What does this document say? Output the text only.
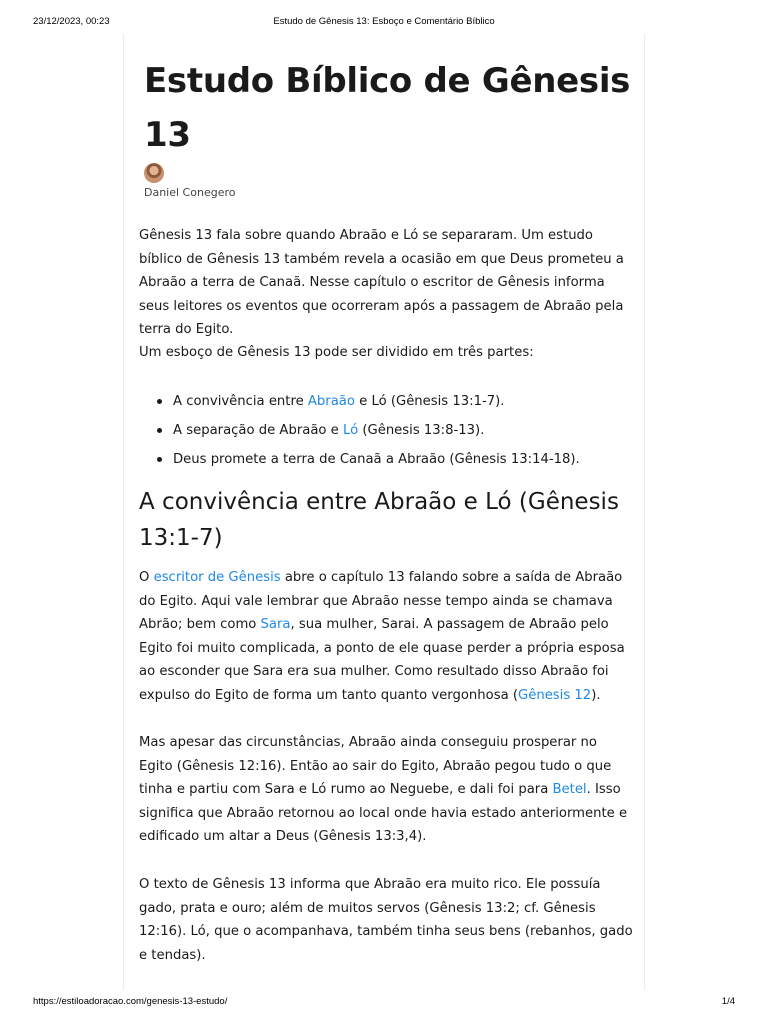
23/12/2023, 00:23	Estudo de Gênesis 13: Esboço e Comentário Bíblico
Estudo Bíblico de Gênesis 13
Daniel Conegero

Gênesis 13 fala sobre quando Abraão e Ló se separaram. Um estudo bíblico de Gênesis 13 também revela a ocasião em que Deus prometeu a Abraão a terra de Canaã. Nesse capítulo o escritor de Gênesis informa seus leitores os eventos que ocorreram após a passagem de Abraão pela terra do Egito.

Um esboço de Gênesis 13 pode ser dividido em três partes:

A convivência entre Abraão e Ló (Gênesis 13:1-7).
A separação de Abraão e Ló (Gênesis 13:8-13).
Deus promete a terra de Canaã a Abraão (Gênesis 13:14-18).
A convivência entre Abraão e Ló (Gênesis 13:1-7)

O escritor de Gênesis abre o capítulo 13 falando sobre a saída de Abraão do Egito. Aqui vale lembrar que Abraão nesse tempo ainda se chamava Abrão; bem como Sara, sua mulher, Sarai. A passagem de Abraão pelo Egito foi muito complicada, a ponto de ele quase perder a própria esposa ao esconder que Sara era sua mulher. Como resultado disso Abraão foi expulso do Egito de forma um tanto quanto vergonhosa (Gênesis 12).

Mas apesar das circunstâncias, Abraão ainda conseguiu prosperar no Egito (Gênesis 12:16). Então ao sair do Egito, Abraão pegou tudo o que tinha e partiu com Sara e Ló rumo ao Neguebe, e dali foi para Betel. Isso significa que Abraão retornou ao local onde havia estado anteriormente e edificado um altar a Deus (Gênesis 13:3,4).

O texto de Gênesis 13 informa que Abraão era muito rico. Ele possuía gado, prata e ouro; além de muitos servos (Gênesis 13:2; cf. Gênesis 12:16). Ló, que o acompanhava, também tinha seus bens (rebanhos, gado e tendas).

https://estiloadoracao.com/genesis-13-estudo/	1/4
